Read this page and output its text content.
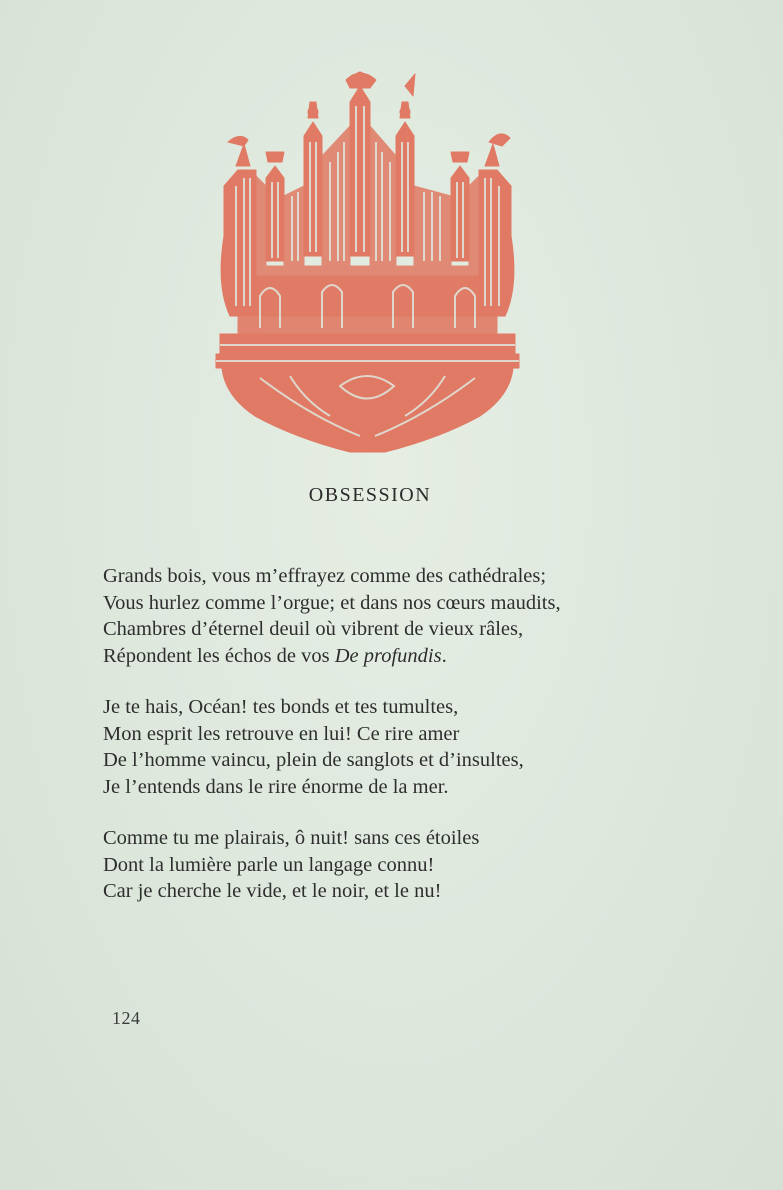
OBSESSION
Grands bois, vous m’effrayez comme des cathédrales;
Vous hurlez comme l’orgue; et dans nos cœurs maudits,
Chambres d’éternel deuil où vibrent de vieux râles,
Répondent les échos de vos De profundis.
Je te hais, Océan! tes bonds et tes tumultes,
Mon esprit les retrouve en lui! Ce rire amer
De l’homme vaincu, plein de sanglots et d’insultes,
Je l’entends dans le rire énorme de la mer.
Comme tu me plairais, ô nuit! sans ces étoiles
Dont la lumière parle un langage connu!
Car je cherche le vide, et le noir, et le nu!
124
